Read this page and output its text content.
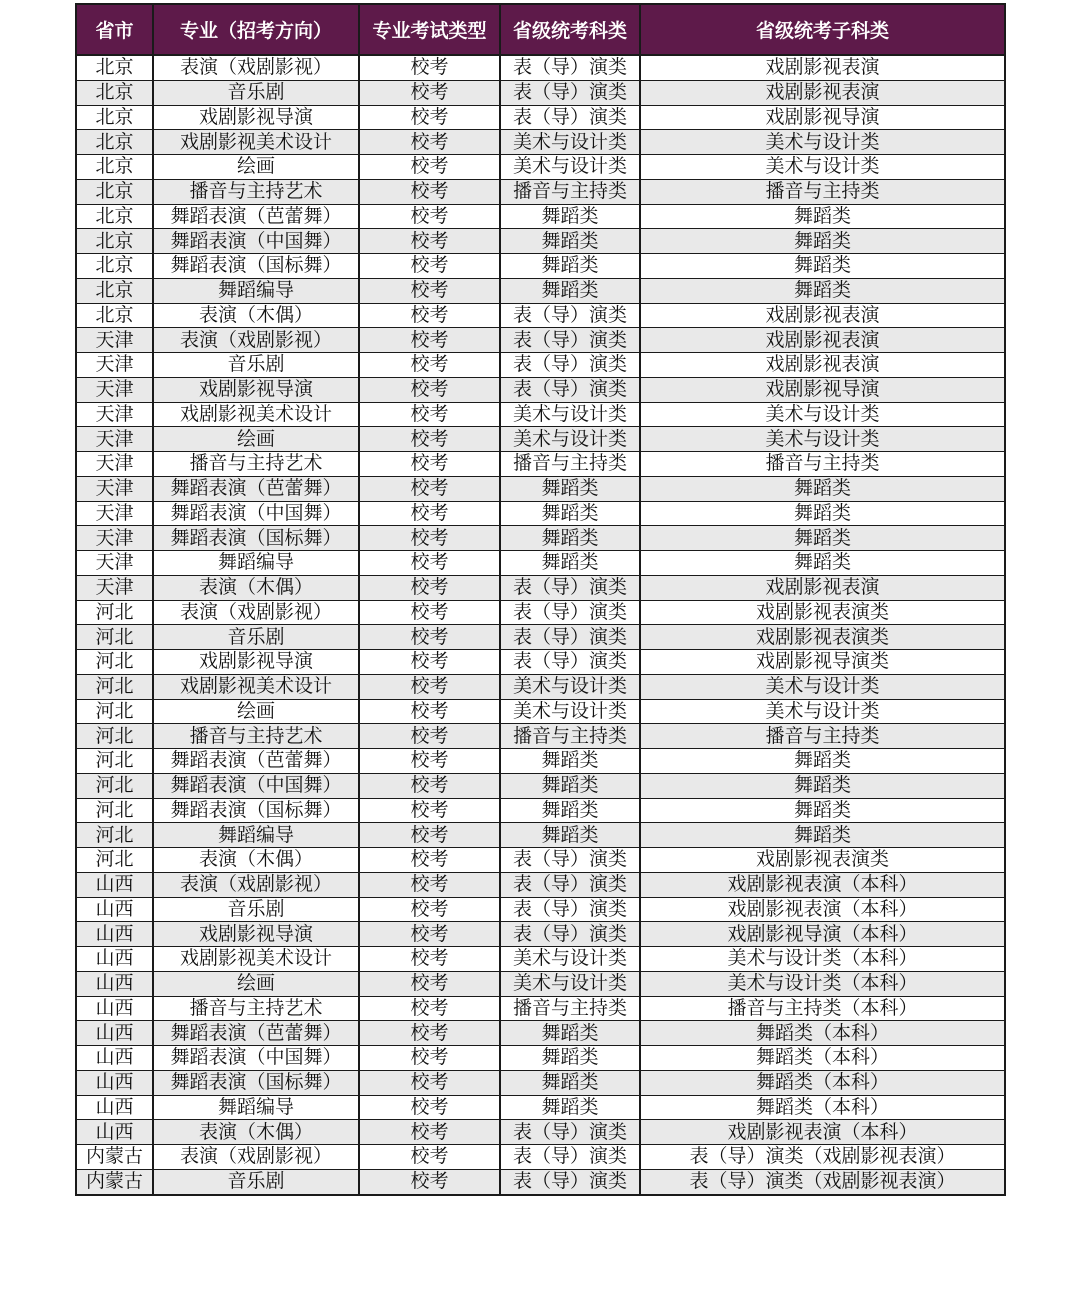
省市	专业（招考方向）	专业考试类型	省级统考科类	省级统考子科类
北京	表演（戏剧影视）	校考	表（导）演类	戏剧影视表演
北京	音乐剧	校考	表（导）演类	戏剧影视表演
北京	戏剧影视导演	校考	表（导）演类	戏剧影视导演
北京	戏剧影视美术设计	校考	美术与设计类	美术与设计类
北京	绘画	校考	美术与设计类	美术与设计类
北京	播音与主持艺术	校考	播音与主持类	播音与主持类
北京	舞蹈表演（芭蕾舞）	校考	舞蹈类	舞蹈类
北京	舞蹈表演（中国舞）	校考	舞蹈类	舞蹈类
北京	舞蹈表演（国标舞）	校考	舞蹈类	舞蹈类
北京	舞蹈编导	校考	舞蹈类	舞蹈类
北京	表演（木偶）	校考	表（导）演类	戏剧影视表演
天津	表演（戏剧影视）	校考	表（导）演类	戏剧影视表演
天津	音乐剧	校考	表（导）演类	戏剧影视表演
天津	戏剧影视导演	校考	表（导）演类	戏剧影视导演
天津	戏剧影视美术设计	校考	美术与设计类	美术与设计类
天津	绘画	校考	美术与设计类	美术与设计类
天津	播音与主持艺术	校考	播音与主持类	播音与主持类
天津	舞蹈表演（芭蕾舞）	校考	舞蹈类	舞蹈类
天津	舞蹈表演（中国舞）	校考	舞蹈类	舞蹈类
天津	舞蹈表演（国标舞）	校考	舞蹈类	舞蹈类
天津	舞蹈编导	校考	舞蹈类	舞蹈类
天津	表演（木偶）	校考	表（导）演类	戏剧影视表演
河北	表演（戏剧影视）	校考	表（导）演类	戏剧影视表演类
河北	音乐剧	校考	表（导）演类	戏剧影视表演类
河北	戏剧影视导演	校考	表（导）演类	戏剧影视导演类
河北	戏剧影视美术设计	校考	美术与设计类	美术与设计类
河北	绘画	校考	美术与设计类	美术与设计类
河北	播音与主持艺术	校考	播音与主持类	播音与主持类
河北	舞蹈表演（芭蕾舞）	校考	舞蹈类	舞蹈类
河北	舞蹈表演（中国舞）	校考	舞蹈类	舞蹈类
河北	舞蹈表演（国标舞）	校考	舞蹈类	舞蹈类
河北	舞蹈编导	校考	舞蹈类	舞蹈类
河北	表演（木偶）	校考	表（导）演类	戏剧影视表演类
山西	表演（戏剧影视）	校考	表（导）演类	戏剧影视表演（本科）
山西	音乐剧	校考	表（导）演类	戏剧影视表演（本科）
山西	戏剧影视导演	校考	表（导）演类	戏剧影视导演（本科）
山西	戏剧影视美术设计	校考	美术与设计类	美术与设计类（本科）
山西	绘画	校考	美术与设计类	美术与设计类（本科）
山西	播音与主持艺术	校考	播音与主持类	播音与主持类（本科）
山西	舞蹈表演（芭蕾舞）	校考	舞蹈类	舞蹈类（本科）
山西	舞蹈表演（中国舞）	校考	舞蹈类	舞蹈类（本科）
山西	舞蹈表演（国标舞）	校考	舞蹈类	舞蹈类（本科）
山西	舞蹈编导	校考	舞蹈类	舞蹈类（本科）
山西	表演（木偶）	校考	表（导）演类	戏剧影视表演（本科）
内蒙古	表演（戏剧影视）	校考	表（导）演类	表（导）演类（戏剧影视表演）
内蒙古	音乐剧	校考	表（导）演类	表（导）演类（戏剧影视表演）
